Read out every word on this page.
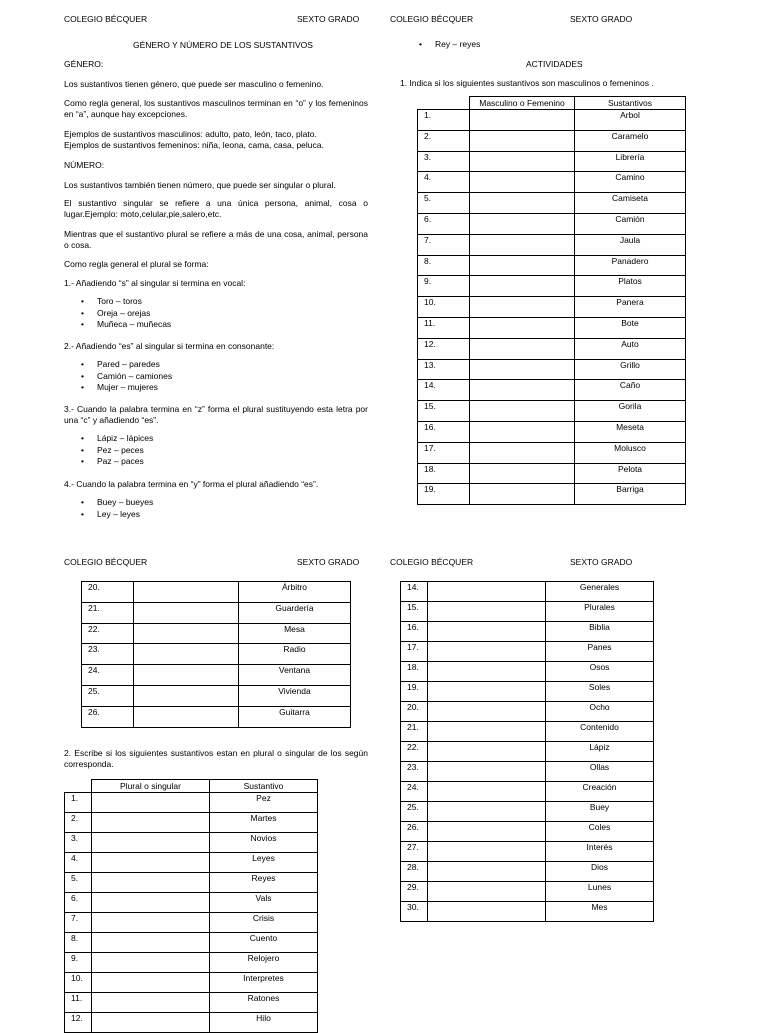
COLEGIO BÉCQUER	SEXTO GRADO	COLEGIO BÉCQUER	SEXTO GRADO
COLEGIO BÉCQUER	SEXTO GRADO	COLEGIO BÉCQUER	SEXTO GRADO
GÉNERO Y NÚMERO DE LOS SUSTANTIVOS

GÉNERO:

Los sustantivos tienen género, que puede ser masculino o femenino.

Como regla general, los sustantivos masculinos terminan en “o” y los femeninos en “a”, aunque hay excepciones.

Ejemplos de sustantivos masculinos: adulto, pato, león, taco, plato.

Ejemplos de sustantivos femeninos: niña, leona, cama, casa, peluca.

NÚMERO:

Los sustantivos también tienen número, que puede ser singular o plural.

El sustantivo singular se refiere a una única persona, animal, cosa o lugar.Ejemplo: moto,celular,pie,salero,etc.

Mientras que el sustantivo plural se refiere a más de una cosa, animal, persona o cosa.

Como regla general el plural se forma:

1.- Añadiendo “s” al singular si termina en vocal:

• Toro – toros
• Oreja – orejas
• Muñeca – muñecas

2.- Añadiendo “es” al singular si termina en consonante:

• Pared – paredes
• Camión – camiones
• Mujer – mujeres

3.- Cuando la palabra termina en “z” forma el plural sustituyendo esta letra por una “c” y añadiendo “es”.

• Lápiz – lápices
• Pez – peces
• Paz – paces

4.- Cuando la palabra termina en “y” forma el plural añadiendo “es”.

• Buey – bueyes
• Ley – leyes
• Rey – reyes
ACTIVIDADES
1. Indica si los siguientes sustantivos son masculinos o femeninos .
	Masculino o Femenino	Sustantivos
1.		Arbol
2.		Caramelo
3.		Librería
4.		Camino
5.		Camiseta
6.		Camión
7.		Jaula
8.		Panadero
9.		Platos
10.		Panera
11.		Bote
12.		Auto
13.		Grillo
14.		Caño
15.		Gorila
16.		Meseta
17.		Molusco
18.		Pelota
19.		Barriga
20.		Árbitro
21.		Guardería
22.		Mesa
23.		Radio
24.		Ventana
25.		Vivienda
26.		Guitarra

2. Escribe si los siguientes sustantivos estan en plural o singular de los según corresponda.

	Plural o singular	Sustantivo
1.		Pez
2.		Martes
3.		Novios
4.		Leyes
5.		Reyes
6.		Vals
7.		Crisis
8.		Cuento
9.		Relojero
10.		Interpretes
11.		Ratones
12.		Hilo
14.		Generales
15.		Plurales
16.		Biblia
17.		Panes
18.		Osos
19.		Soles
20.		Ocho
21.		Contenido
22.		Lápiz
23.		Ollas
24.		Creación
25.		Buey
26.		Coles
27.		Interés
28.		Dios
29.		Lunes
30.		Mes
